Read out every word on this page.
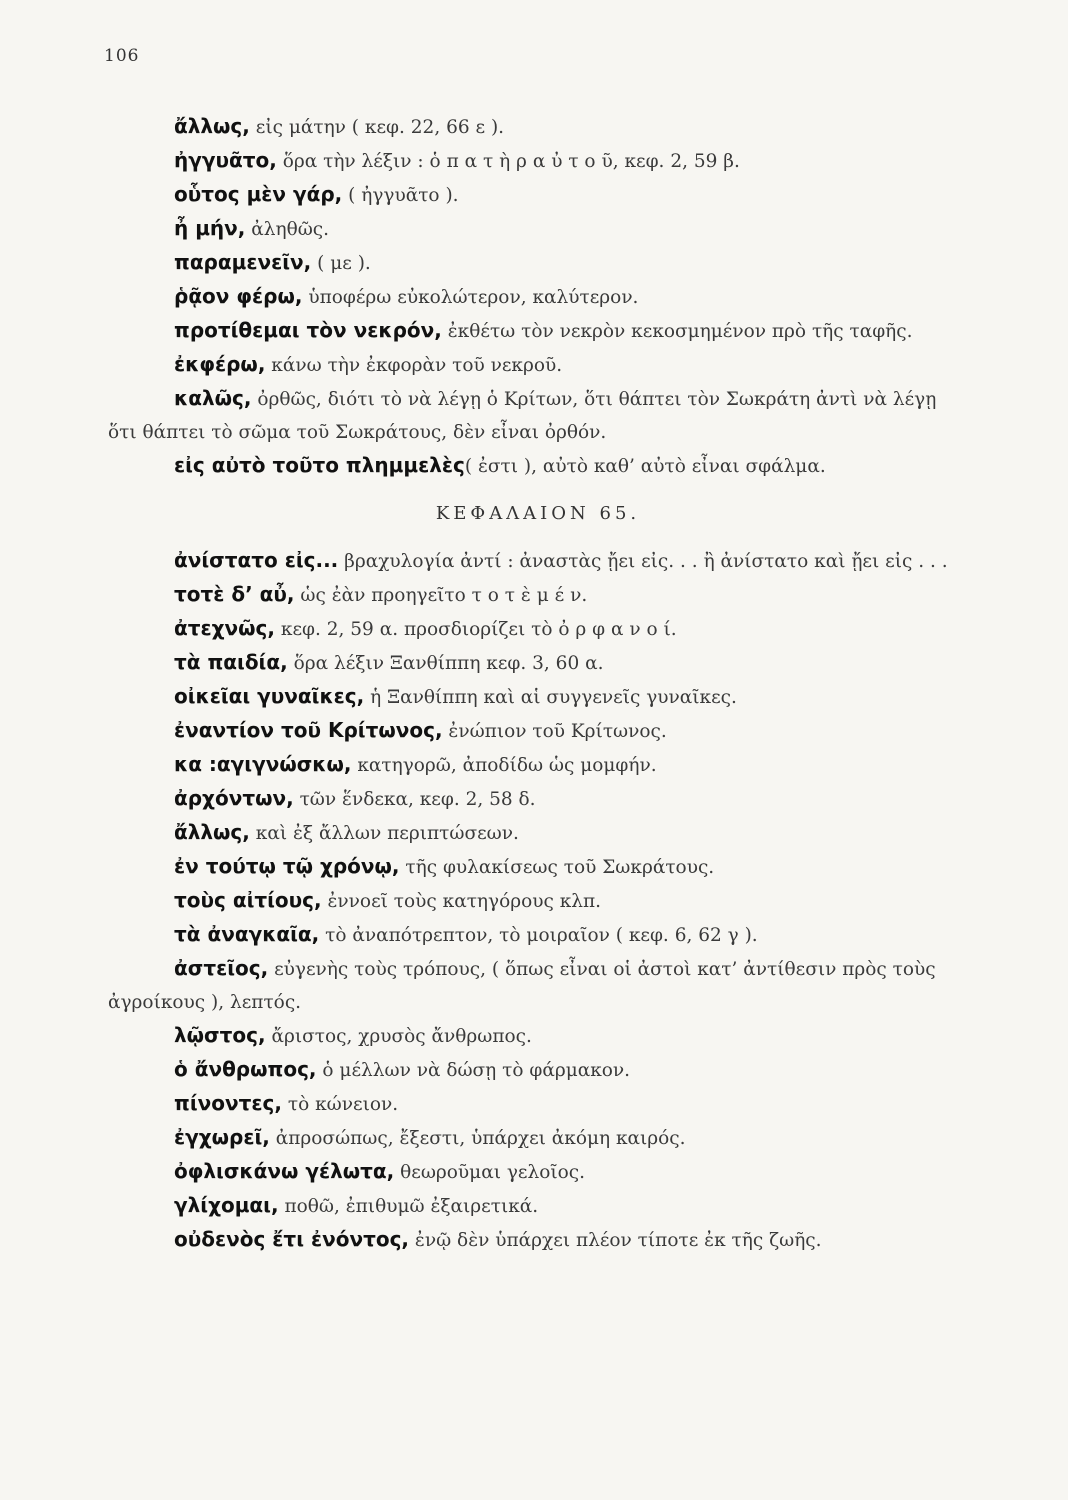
106

ἄλλως, εἰς μάτην ( κεφ. 22, 66 ε ).

ἠγγυᾶτο, ὅρα τὴν λέξιν : ὁ π α τ ὴ ρ α ὐ τ ο ῦ, κεφ. 2, 59 β.

οὗτος μὲν γάρ, ( ἠγγυᾶτο ).

ἦ μήν, ἀληθῶς.

παραμενεῖν, ( με ).

ῥᾷον φέρω, ὑποφέρω εὐκολώτερον, καλύτερον.

προτίθεμαι τὸν νεκρόν, ἐκθέτω τὸν νεκρὸν κεκοσμημένον πρὸ τῆς ταφῆς.

ἐκφέρω, κάνω τὴν ἐκφορὰν τοῦ νεκροῦ.

καλῶς, ὀρθῶς, διότι τὸ νὰ λέγῃ ὁ Κρίτων, ὅτι θάπτει τὸν Σωκράτη ἀντὶ νὰ λέγῃ ὅτι θάπτει τὸ σῶμα τοῦ Σωκράτους, δὲν εἶναι ὀρθόν.

εἰς αὐτὸ τοῦτο πλημμελὲς( ἐστι ), αὐτὸ καθ’ αὐτὸ εἶναι σφάλμα.

ΚΕΦΑΛΑΙΟΝ 65.

ἀνίστατο εἰς... βραχυλογία ἀντί : ἀναστὰς ᾔει εἰς. . . ἢ ἀνίστατο καὶ ᾔει εἰς . . .

τοτὲ δ’ αὖ, ὡς ἐὰν προηγεῖτο τ ο τ ὲ μ έ ν.

ἀτεχνῶς, κεφ. 2, 59 α. προσδιορίζει τὸ ὀ ρ φ α ν ο ί.

τὰ παιδία, ὅρα λέξιν Ξανθίππη κεφ. 3, 60 α.

οἰκεῖαι γυναῖκες, ἡ Ξανθίππη καὶ αἱ συγγενεῖς γυναῖκες.

ἐναντίον τοῦ Κρίτωνος, ἐνώπιον τοῦ Κρίτωνος.

κα :αγιγνώσκω, κατηγορῶ, ἀποδίδω ὡς μομφήν.

ἀρχόντων, τῶν ἕνδεκα, κεφ. 2, 58 δ.

ἄλλως, καὶ ἐξ ἄλλων περιπτώσεων.

ἐν τούτῳ τῷ χρόνῳ, τῆς φυλακίσεως τοῦ Σωκράτους.

τοὺς αἰτίους, ἐννοεῖ τοὺς κατηγόρους κλπ.

τὰ ἀναγκαῖα, τὸ ἀναπότρεπτον, τὸ μοιραῖον ( κεφ. 6, 62 γ ).

ἀστεῖος, εὐγενὴς τοὺς τρόπους, ( ὅπως εἶναι οἱ ἀστοὶ κατ’ ἀντίθεσιν πρὸς τοὺς ἀγροίκους ), λεπτός.

λῷστος, ἄριστος, χρυσὸς ἄνθρωπος.

ὁ ἄνθρωπος, ὁ μέλλων νὰ δώσῃ τὸ φάρμακον.

πίνοντες, τὸ κώνειον.

ἐγχωρεῖ, ἀπροσώπως, ἔξεστι, ὑπάρχει ἀκόμη καιρός.

ὀφλισκάνω γέλωτα, θεωροῦμαι γελοῖος.

γλίχομαι, ποθῶ, ἐπιθυμῶ ἐξαιρετικά.

οὐδενὸς ἔτι ἐνόντος, ἐνῷ δὲν ὑπάρχει πλέον τίποτε ἐκ τῆς ζωῆς.
